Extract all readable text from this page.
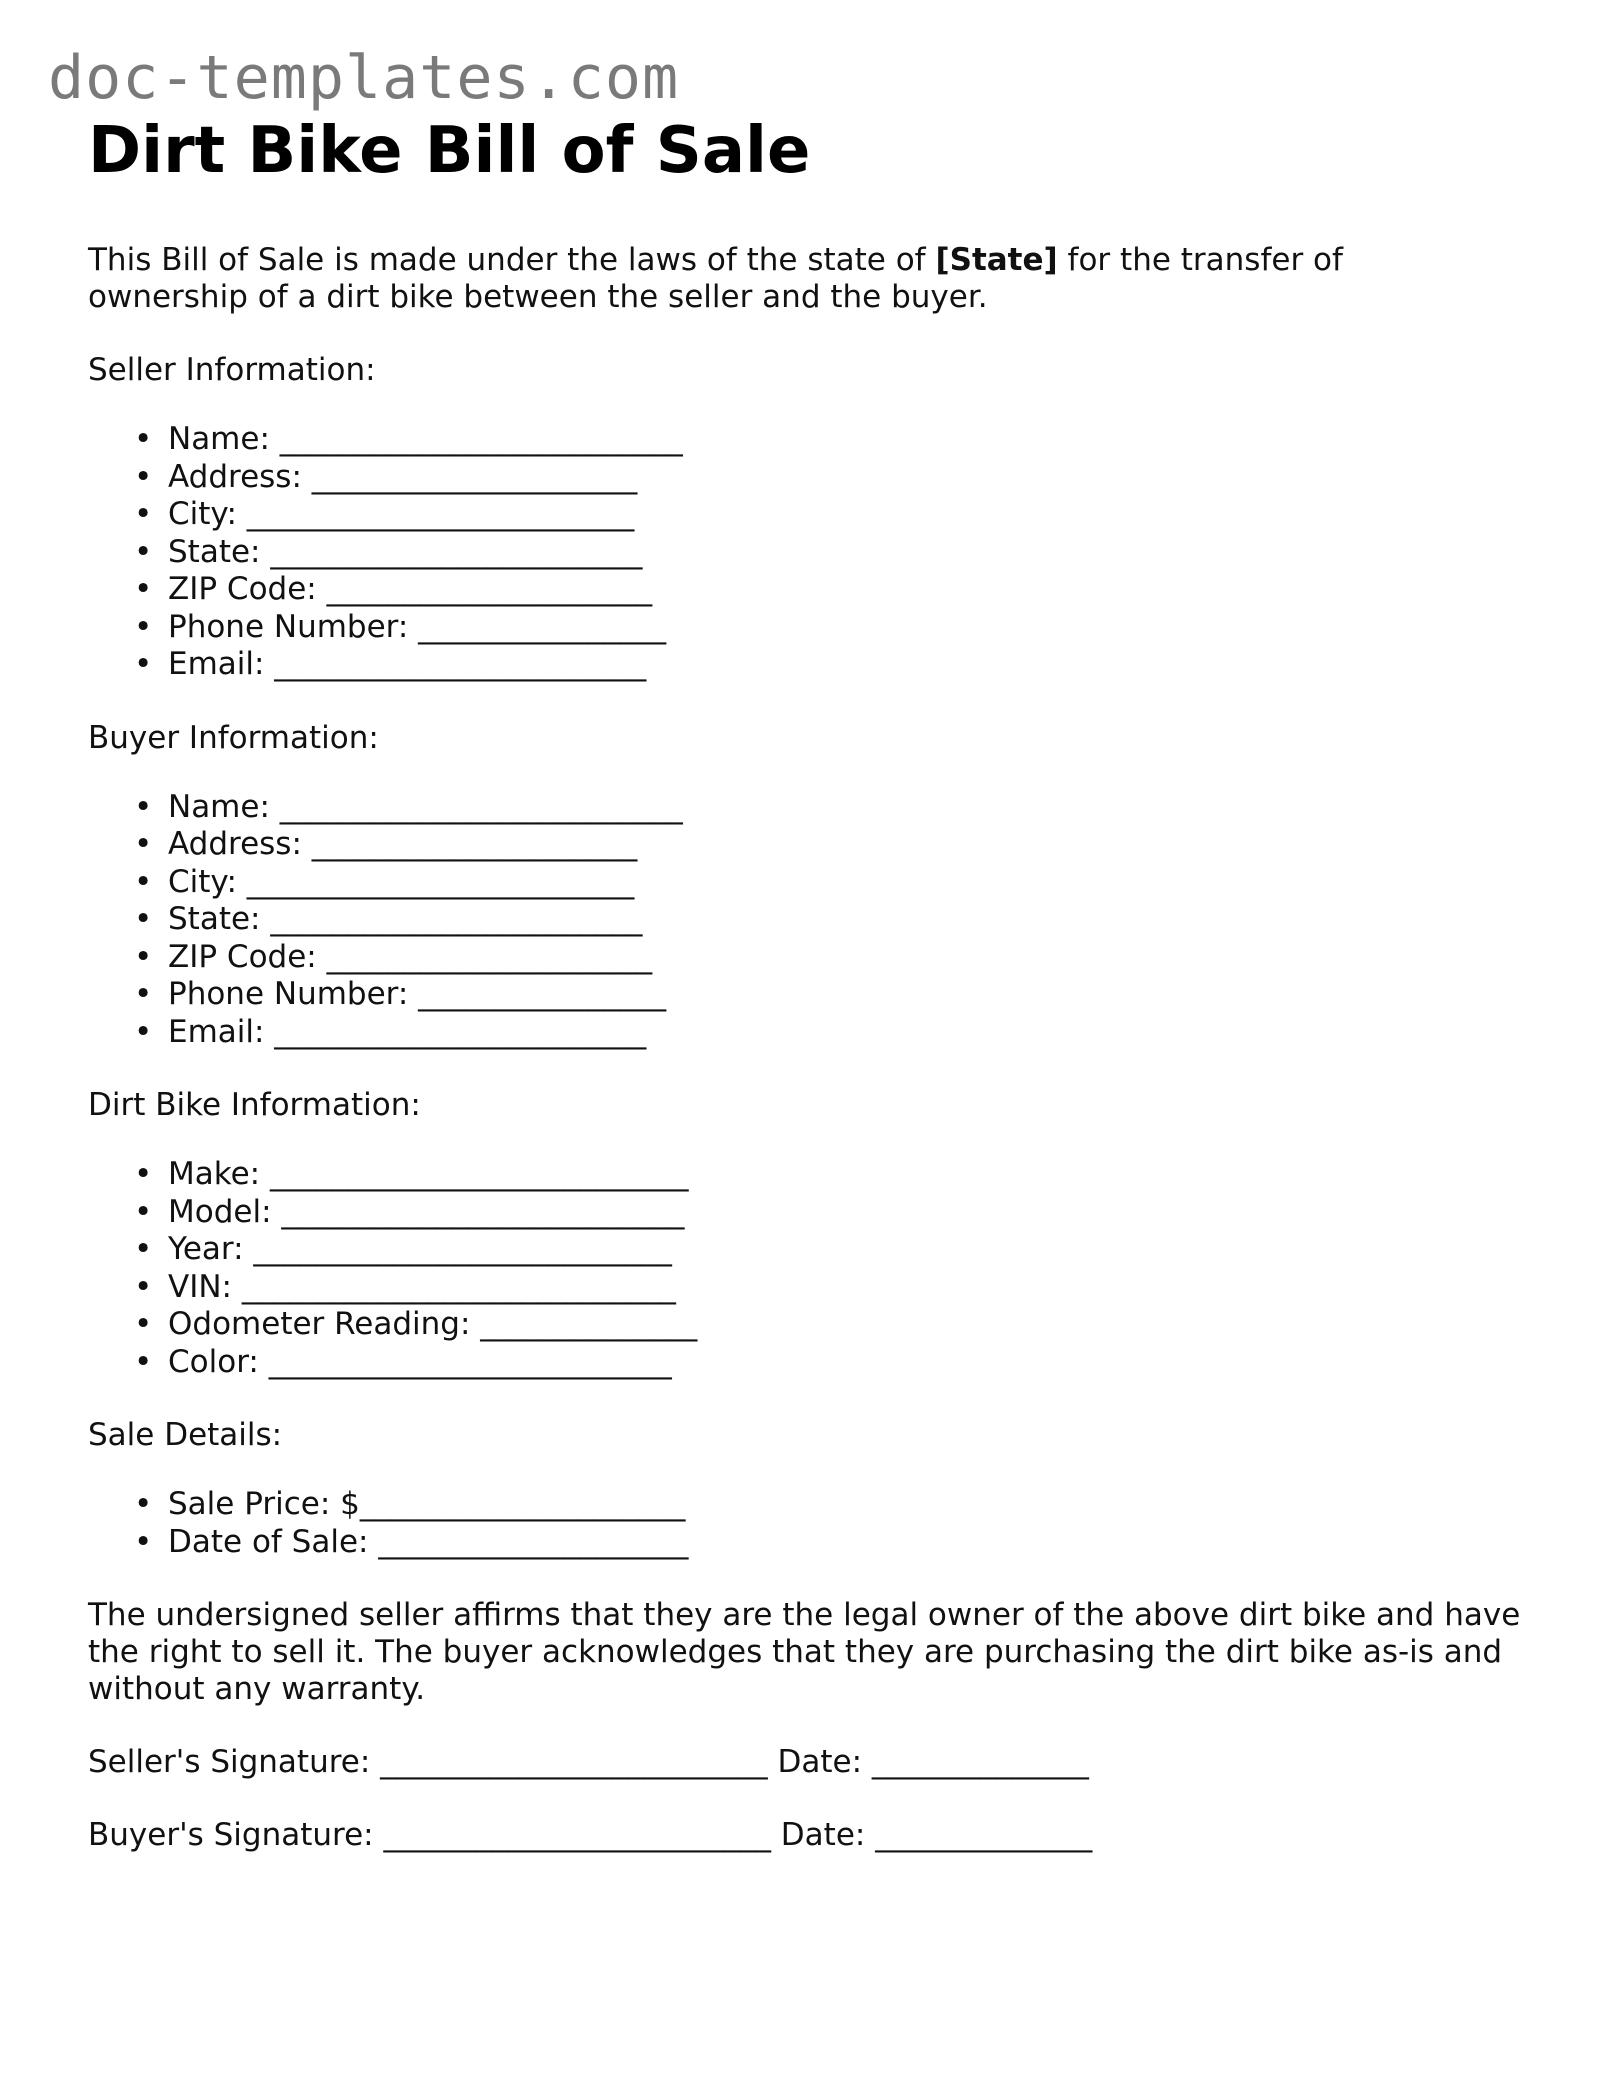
doc-templates.com
Dirt Bike Bill of Sale

This Bill of Sale is made under the laws of the state of [State] for the transfer of ownership of a dirt bike between the seller and the buyer.

Seller Information:

• Name: __________________________
• Address: _____________________
• City: _________________________
• State: ________________________
• ZIP Code: _____________________
• Phone Number: ________________
• Email: ________________________

Buyer Information:

• Name: __________________________
• Address: _____________________
• City: _________________________
• State: ________________________
• ZIP Code: _____________________
• Phone Number: ________________
• Email: ________________________

Dirt Bike Information:

• Make: ___________________________
• Model: __________________________
• Year: ___________________________
• VIN: ____________________________
• Odometer Reading: ______________
• Color: __________________________

Sale Details:

• Sale Price: $_____________________
• Date of Sale: ____________________

The undersigned seller affirms that they are the legal owner of the above dirt bike and have the right to sell it. The buyer acknowledges that they are purchasing the dirt bike as-is and without any warranty.

Seller's Signature: _________________________ Date: ______________

Buyer's Signature: _________________________ Date: ______________
